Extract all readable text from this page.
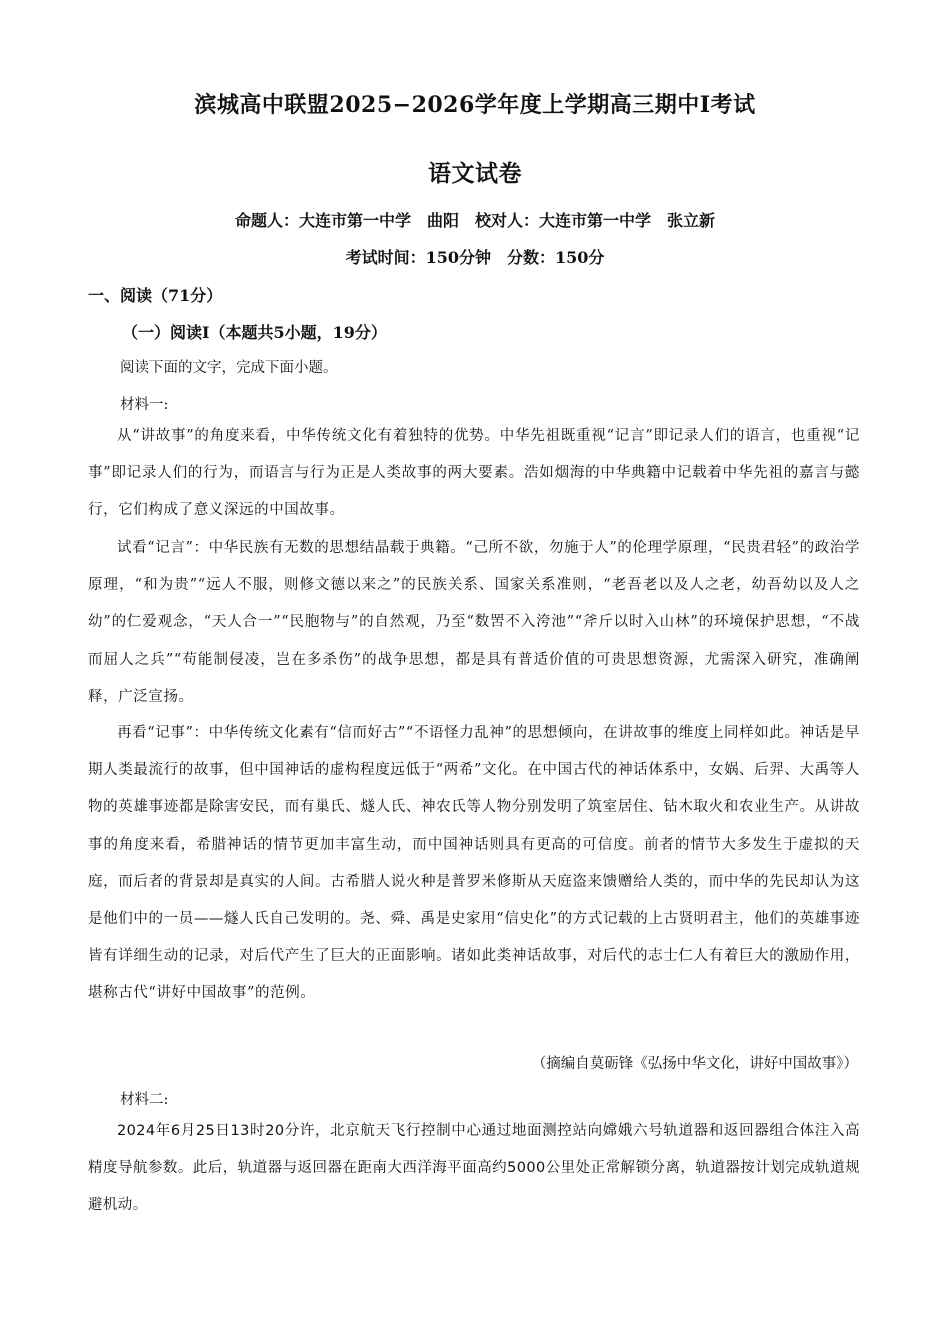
滨城高中联盟2025−2026学年度上学期高三期中Ⅰ考试
语文试卷
命题人：大连市第一中学　曲阳　校对人：大连市第一中学　张立新
考试时间：150分钟　分数：150分
一、阅读（71分）
（一）阅读Ⅰ（本题共5小题，19分）
阅读下面的文字，完成下面小题。
材料一:
从“讲故事”的角度来看，中华传统文化有着独特的优势。中华先祖既重视“记言”即记录人们的语言，也重视“记事”即记录人们的行为，而语言与行为正是人类故事的两大要素。浩如烟海的中华典籍中记载着中华先祖的嘉言与懿行，它们构成了意义深远的中国故事。
试看“记言”：中华民族有无数的思想结晶载于典籍。“己所不欲，勿施于人”的伦理学原理，“民贵君轻”的政治学原理，“和为贵”“远人不服，则修文德以来之”的民族关系、国家关系准则，“老吾老以及人之老，幼吾幼以及人之幼”的仁爱观念，“天人合一”“民胞物与”的自然观，乃至“数罟不入洿池”“斧斤以时入山林”的环境保护思想，“不战而屈人之兵”“苟能制侵凌，岂在多杀伤”的战争思想，都是具有普适价值的可贵思想资源，尤需深入研究，准确阐释，广泛宣扬。
再看“记事”：中华传统文化素有“信而好古”“不语怪力乱神”的思想倾向，在讲故事的维度上同样如此。神话是早期人类最流行的故事，但中国神话的虚构程度远低于“两希”文化。在中国古代的神话体系中，女娲、后羿、大禹等人物的英雄事迹都是除害安民，而有巢氏、燧人氏、神农氏等人物分别发明了筑室居住、钻木取火和农业生产。从讲故事的角度来看，希腊神话的情节更加丰富生动，而中国神话则具有更高的可信度。前者的情节大多发生于虚拟的天庭，而后者的背景却是真实的人间。古希腊人说火种是普罗米修斯从天庭盗来馈赠给人类的，而中华的先民却认为这是他们中的一员——燧人氏自己发明的。尧、舜、禹是史家用“信史化”的方式记载的上古贤明君主，他们的英雄事迹皆有详细生动的记录，对后代产生了巨大的正面影响。诸如此类神话故事，对后代的志士仁人有着巨大的激励作用，堪称古代“讲好中国故事”的范例。
（摘编自莫砺锋《弘扬中华文化，讲好中国故事》）
材料二:
2024年6月25日13时20分许，北京航天飞行控制中心通过地面测控站向嫦娥六号轨道器和返回器组合体注入高精度导航参数。此后，轨道器与返回器在距南大西洋海平面高约5000公里处正常解锁分离，轨道器按计划完成轨道规避机动。
